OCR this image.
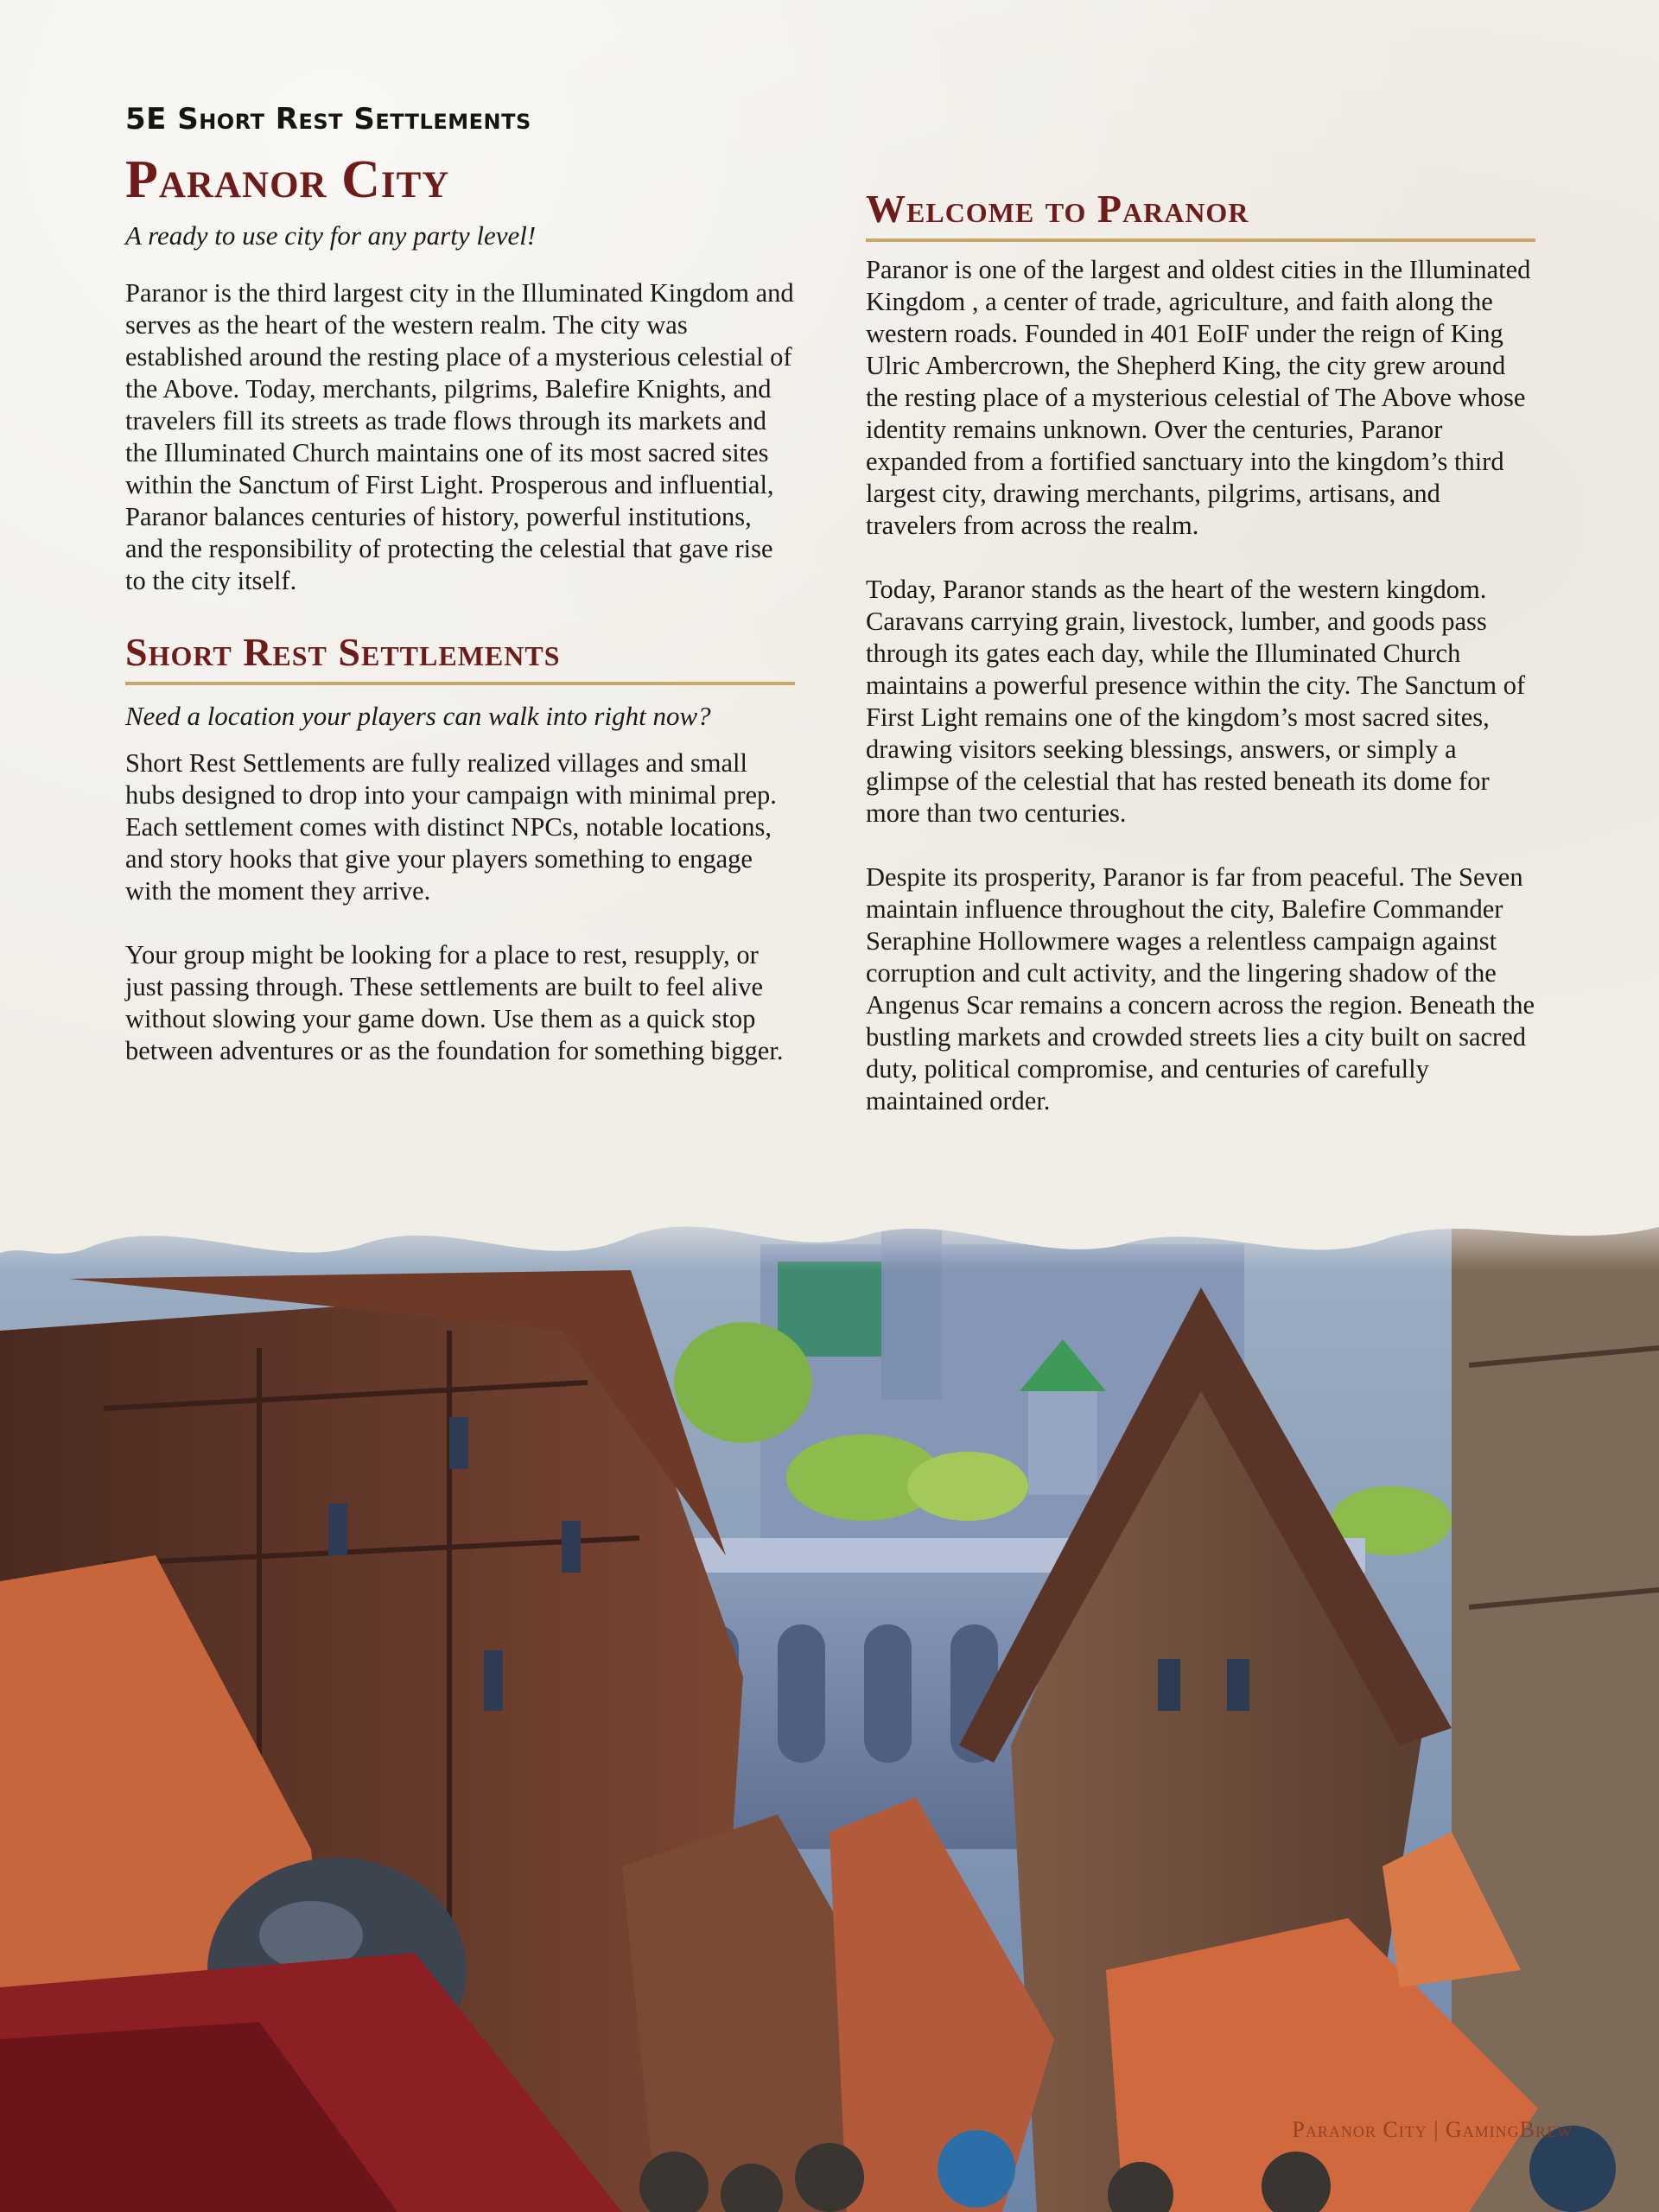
5E Short Rest Settlements
Paranor City
A ready to use city for any party level!

Paranor is the third largest city in the Illuminated Kingdom and serves as the heart of the western realm. The city was established around the resting place of a mysterious celestial of the Above. Today, merchants, pilgrims, Balefire Knights, and travelers fill its streets as trade flows through its markets and the Illuminated Church maintains one of its most sacred sites within the Sanctum of First Light. Prosperous and influential, Paranor balances centuries of history, powerful institutions, and the responsibility of protecting the celestial that gave rise to the city itself.

Short Rest Settlements
Need a location your players can walk into right now?

Short Rest Settlements are fully realized villages and small hubs designed to drop into your campaign with minimal prep. Each settlement comes with distinct NPCs, notable locations, and story hooks that give your players something to engage with the moment they arrive.

Your group might be looking for a place to rest, resupply, or just passing through. These settlements are built to feel alive without slowing your game down. Use them as a quick stop between adventures or as the foundation for something bigger.

Welcome to Paranor

Paranor is one of the largest and oldest cities in the Illuminated Kingdom , a center of trade, agriculture, and faith along the western roads. Founded in 401 EoIF under the reign of King Ulric Ambercrown, the Shepherd King, the city grew around the resting place of a mysterious celestial of The Above whose identity remains unknown. Over the centuries, Paranor expanded from a fortified sanctuary into the kingdom’s third largest city, drawing merchants, pilgrims, artisans, and travelers from across the realm.

Today, Paranor stands as the heart of the western kingdom. Caravans carrying grain, livestock, lumber, and goods pass through its gates each day, while the Illuminated Church maintains a powerful presence within the city. The Sanctum of First Light remains one of the kingdom’s most sacred sites, drawing visitors seeking blessings, answers, or simply a glimpse of the celestial that has rested beneath its dome for more than two centuries.

Despite its prosperity, Paranor is far from peaceful. The Seven maintain influence throughout the city, Balefire Commander Seraphine Hollowmere wages a relentless campaign against corruption and cult activity, and the lingering shadow of the Angenus Scar remains a concern across the region. Beneath the bustling markets and crowded streets lies a city built on sacred duty, political compromise, and centuries of carefully maintained order.

Paranor City | GamingBrew
